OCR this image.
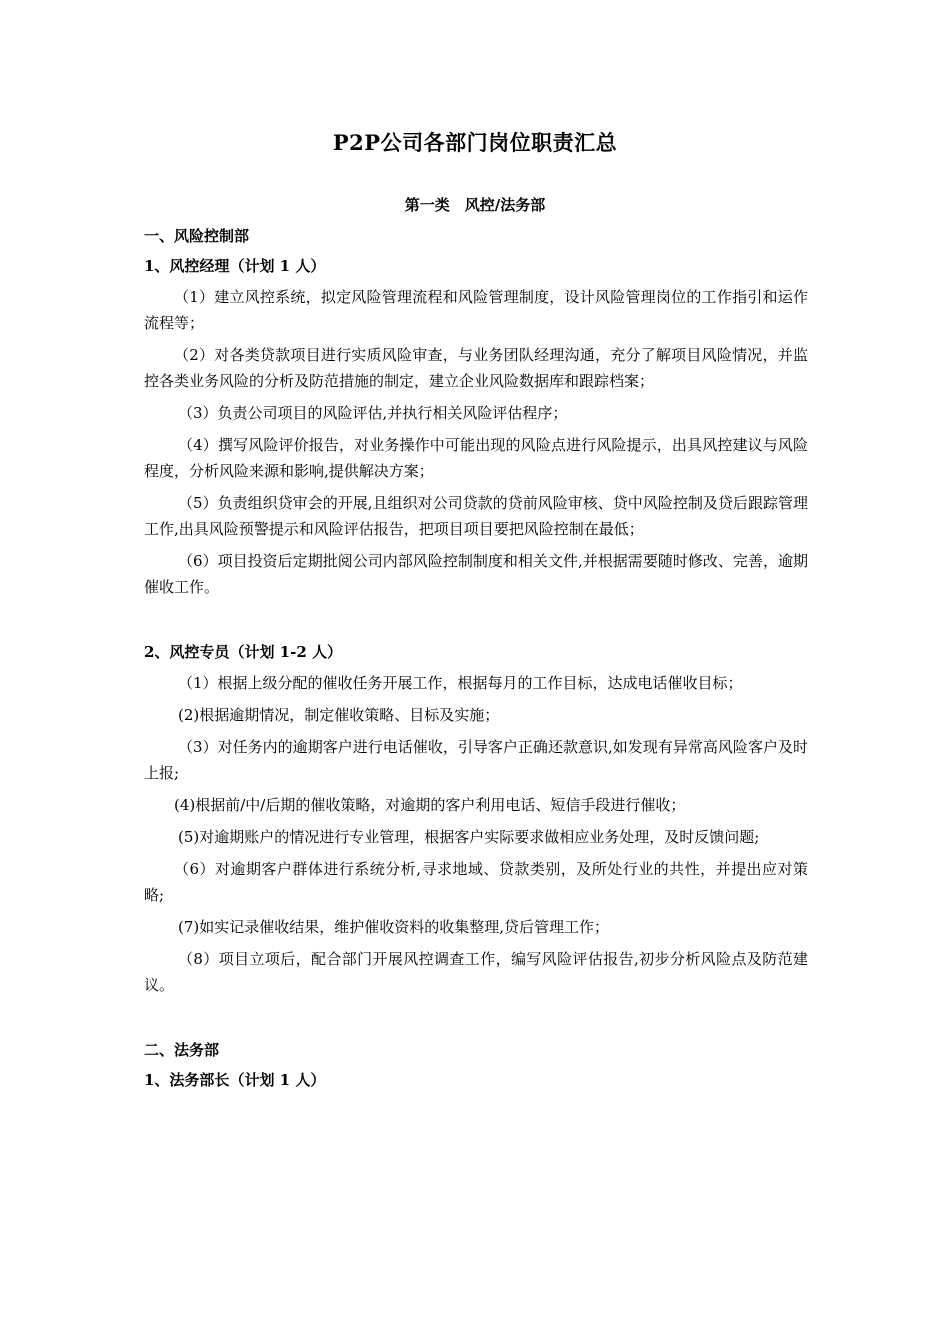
P2P公司各部门岗位职责汇总
第一类　风控/法务部
一、风险控制部
1、风控经理（计划 1 人）

（1）建立风控系统，拟定风险管理流程和风险管理制度，设计风险管理岗位的工作指引和运作流程等；

（2）对各类贷款项目进行实质风险审查，与业务团队经理沟通，充分了解项目风险情况，并监控各类业务风险的分析及防范措施的制定，建立企业风险数据库和跟踪档案；

（3）负责公司项目的风险评估,并执行相关风险评估程序；

（4）撰写风险评价报告，对业务操作中可能出现的风险点进行风险提示，出具风控建议与风险程度，分析风险来源和影响,提供解决方案；

（5）负责组织贷审会的开展,且组织对公司贷款的贷前风险审核、贷中风险控制及贷后跟踪管理工作,出具风险预警提示和风险评估报告，把项目项目要把风险控制在最低；

（6）项目投资后定期批阅公司内部风险控制制度和相关文件,并根据需要随时修改、完善，逾期催收工作。

2、风控专员（计划 1-2 人）

（1）根据上级分配的催收任务开展工作，根据每月的工作目标，达成电话催收目标；

(2)根据逾期情况，制定催收策略、目标及实施；

（3）对任务内的逾期客户进行电话催收，引导客户正确还款意识,如发现有异常高风险客户及时上报;

(4)根据前/中/后期的催收策略，对逾期的客户利用电话、短信手段进行催收；

(5)对逾期账户的情况进行专业管理，根据客户实际要求做相应业务处理，及时反馈问题;

（6）对逾期客户群体进行系统分析,寻求地域、贷款类别，及所处行业的共性，并提出应对策略;

(7)如实记录催收结果，维护催收资料的收集整理,贷后管理工作；

（8）项目立项后，配合部门开展风控调查工作，编写风险评估报告,初步分析风险点及防范建议。

二、法务部
1、法务部长（计划 1 人）
